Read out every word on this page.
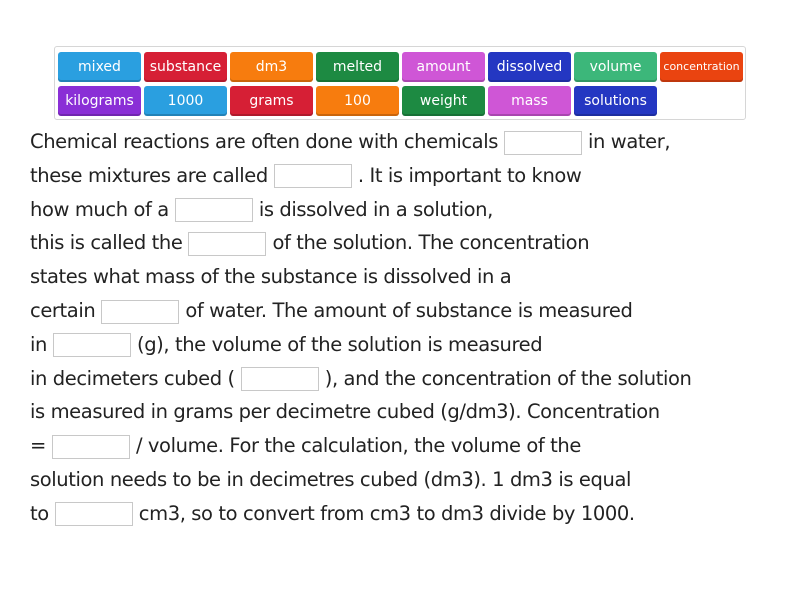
mixed	substance	dm3	melted	amount	dissolved	volume	concentration
kilograms	1000	grams	100	weight	mass	solutions
Chemical reactions are often done with chemicals	in water,
these mixtures are called	. It is important to know
how much of a	is dissolved in a solution,
this is called the	of the solution. The concentration
states what mass of the substance is dissolved in a
certain	of water. The amount of substance is measured
in	(g), the volume of the solution is measured
in decimeters cubed (	), and the concentration of the solution
is measured in grams per decimetre cubed (g/dm3). Concentration
=	/ volume. For the calculation, the volume of the
solution needs to be in decimetres cubed (dm3). 1 dm3 is equal
to	cm3, so to convert from cm3 to dm3 divide by 1000.
